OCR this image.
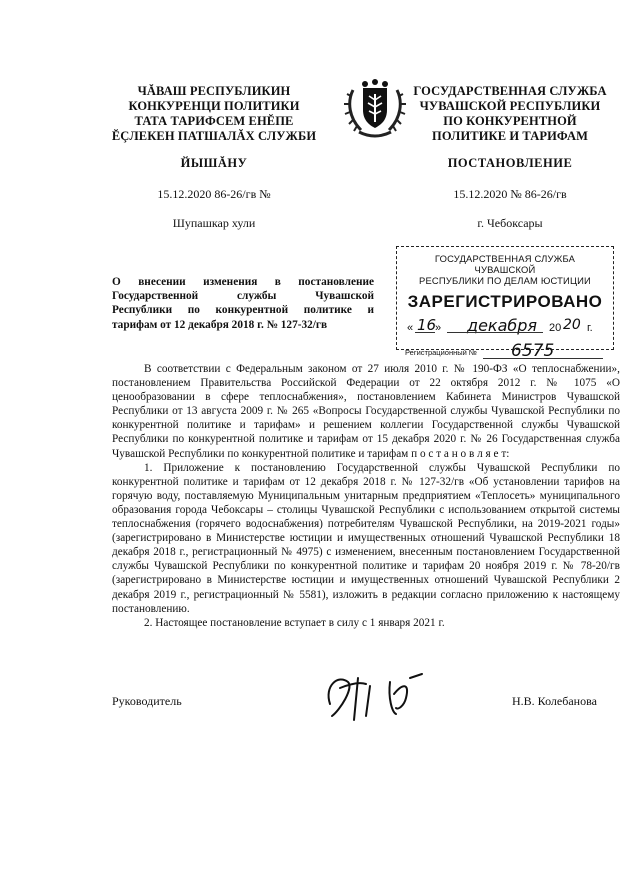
ЧĂВАШ РЕСПУБЛИКИН
КОНКУРЕНЦИ ПОЛИТИКИ
ТАТА ТАРИФСЕМ ЕНĔПЕ
ĔÇЛЕКЕН ПАТШАЛĂХ СЛУЖБИ
ЙЫШĂНУ
15.12.2020 86-26/гв №
Шупашкар хули
ГОСУДАРСТВЕННАЯ СЛУЖБА
ЧУВАШСКОЙ РЕСПУБЛИКИ
ПО КОНКУРЕНТНОЙ
ПОЛИТИКЕ И ТАРИФАМ
ПОСТАНОВЛЕНИЕ
15.12.2020 № 86-26/гв
г. Чебоксары
О внесении изменения в постановление
Государственной службы Чувашской
Республики по конкурентной политике и
тарифам от 12 декабря 2018 г. № 127-32/гв
ГОСУДАРСТВЕННАЯ СЛУЖБА ЧУВАШСКОЙ
РЕСПУБЛИКИ ПО ДЕЛАМ ЮСТИЦИИ
ЗАРЕГИСТРИРОВАНО
« 16
» декабря 20 20 г.
Регистрационный № 6575

В соответствии с Федеральным законом от 27 июля 2010 г. № 190-ФЗ «О теплоснабжении», постановлением Правительства Российской Федерации от 22 октября 2012 г. № 1075 «О ценообразовании в сфере теплоснабжения», постановлением Кабинета Министров Чувашской Республики от 13 августа 2009 г. № 265 «Вопросы Государственной службы Чувашской Республики по конкурентной политике и тарифам» и решением коллегии Государственной службы Чувашской Республики по конкурентной политике и тарифам от 15 декабря 2020 г. № 26 Государственная служба Чувашской Республики по конкурентной политике и тарифам п о с т а н о в л я е т:

1. Приложение к постановлению Государственной службы Чувашской Республики по конкурентной политике и тарифам от 12 декабря 2018 г. № 127-32/гв «Об установлении тарифов на горячую воду, поставляемую Муниципальным унитарным предприятием «Теплосеть» муниципального образования города Чебоксары – столицы Чувашской Республики с использованием открытой системы теплоснабжения (горячего водоснабжения) потребителям Чувашской Республики, на 2019-2021 годы» (зарегистрировано в Министерстве юстиции и имущественных отношений Чувашской Республики 18 декабря 2018 г., регистрационный № 4975) с изменением, внесенным постановлением Государственной службы Чувашской Республики по конкурентной политике и тарифам 20 ноября 2019 г. № 78-20/гв (зарегистрировано в Министерстве юстиции и имущественных отношений Чувашской Республики 2 декабря 2019 г., регистрационный № 5581), изложить в редакции согласно приложению к настоящему постановлению.

2. Настоящее постановление вступает в силу с 1 января 2021 г.

Руководитель	Н.В. Колебанова
